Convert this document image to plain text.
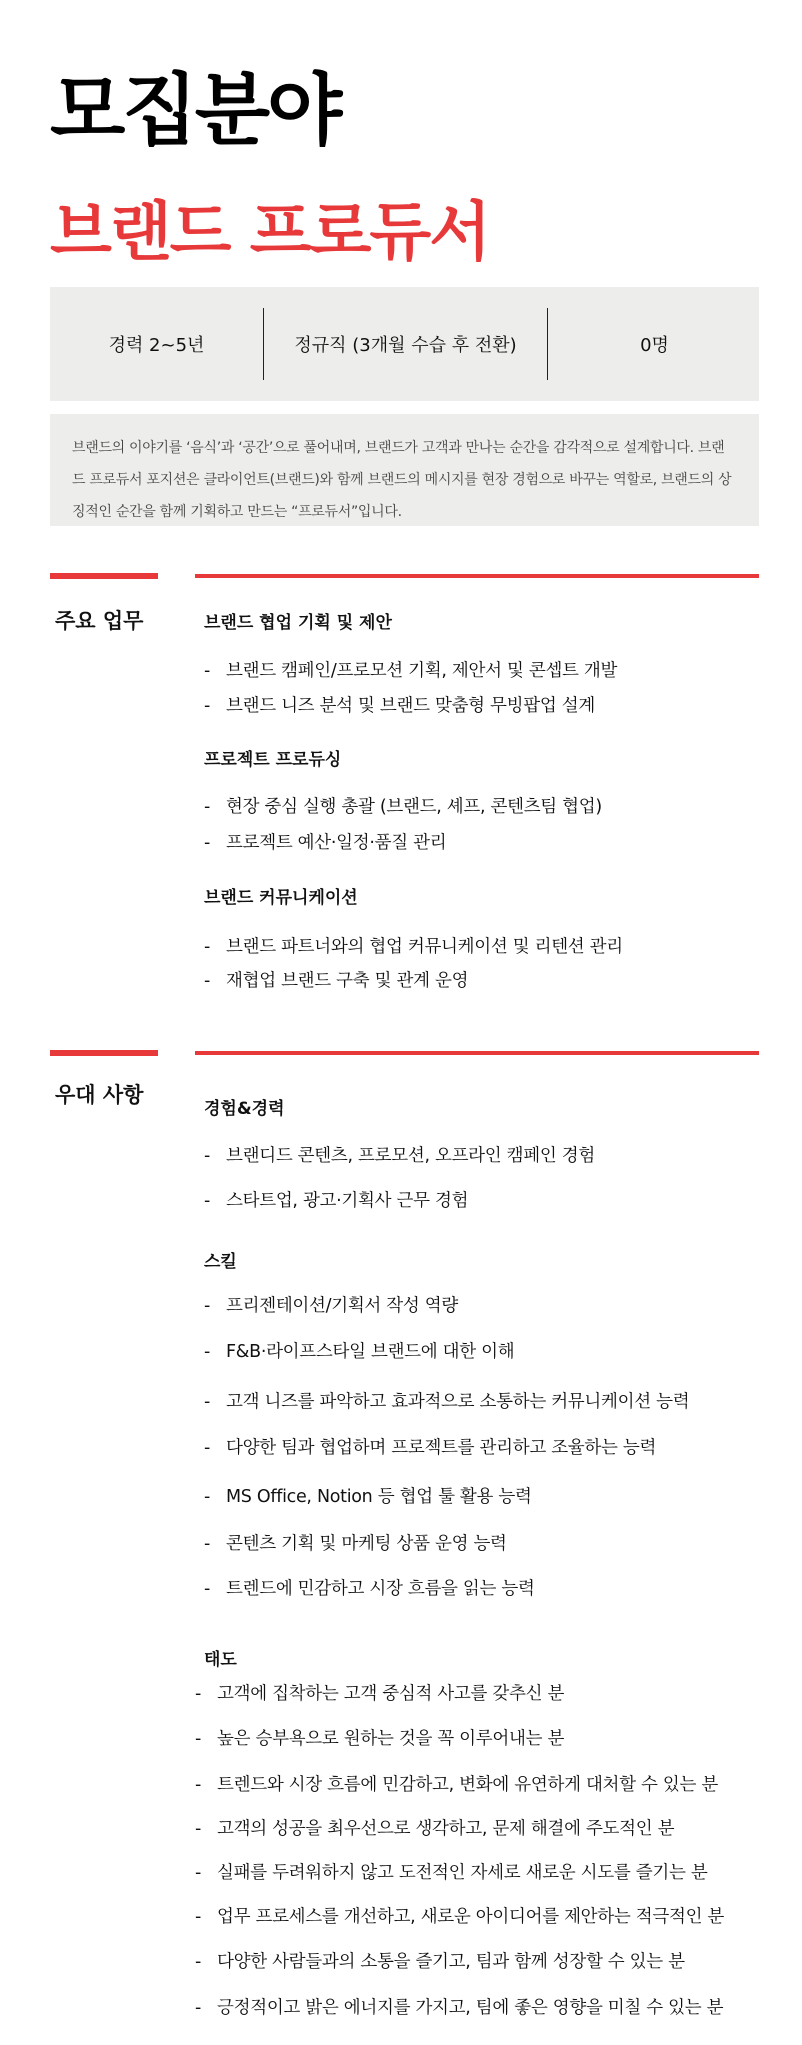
모집분야
브랜드 프로듀서
경력 2~5년	정규직 (3개월 수습 후 전환)	0명
브랜드의 이야기를 ‘음식’과 ‘공간’으로 풀어내며, 브랜드가 고객과 만나는 순간을 감각적으로 설계합니다. 브랜드 프로듀서 포지션은 클라이언트(브랜드)와 함께 브랜드의 메시지를 현장 경험으로 바꾸는 역할로, 브랜드의 상징적인 순간을 함께 기획하고 만드는 “프로듀서”입니다.
주요 업무	브랜드 협업 기획 및 제안
- 브랜드 캠페인/프로모션 기획, 제안서 및 콘셉트 개발
- 브랜드 니즈 분석 및 브랜드 맞춤형 무빙팝업 설계
프로젝트 프로듀싱
- 현장 중심 실행 총괄 (브랜드, 셰프, 콘텐츠팀 협업)
- 프로젝트 예산·일정·품질 관리
브랜드 커뮤니케이션
- 브랜드 파트너와의 협업 커뮤니케이션 및 리텐션 관리
- 재협업 브랜드 구축 및 관계 운영
우대 사항
경험&경력
- 브랜디드 콘텐츠, 프로모션, 오프라인 캠페인 경험
- 스타트업, 광고·기획사 근무 경험
스킬
- 프리젠테이션/기획서 작성 역량
- F&B·라이프스타일 브랜드에 대한 이해
- 고객 니즈를 파악하고 효과적으로 소통하는 커뮤니케이션 능력
- 다양한 팀과 협업하며 프로젝트를 관리하고 조율하는 능력
- MS Office, Notion 등 협업 툴 활용 능력
- 콘텐츠 기획 및 마케팅 상품 운영 능력
- 트렌드에 민감하고 시장 흐름을 읽는 능력
태도
- 고객에 집착하는 고객 중심적 사고를 갖추신 분
- 높은 승부욕으로 원하는 것을 꼭 이루어내는 분
- 트렌드와 시장 흐름에 민감하고, 변화에 유연하게 대처할 수 있는 분
- 고객의 성공을 최우선으로 생각하고, 문제 해결에 주도적인 분
- 실패를 두려워하지 않고 도전적인 자세로 새로운 시도를 즐기는 분
- 업무 프로세스를 개선하고, 새로운 아이디어를 제안하는 적극적인 분
- 다양한 사람들과의 소통을 즐기고, 팀과 함께 성장할 수 있는 분
- 긍정적이고 밝은 에너지를 가지고, 팀에 좋은 영향을 미칠 수 있는 분
